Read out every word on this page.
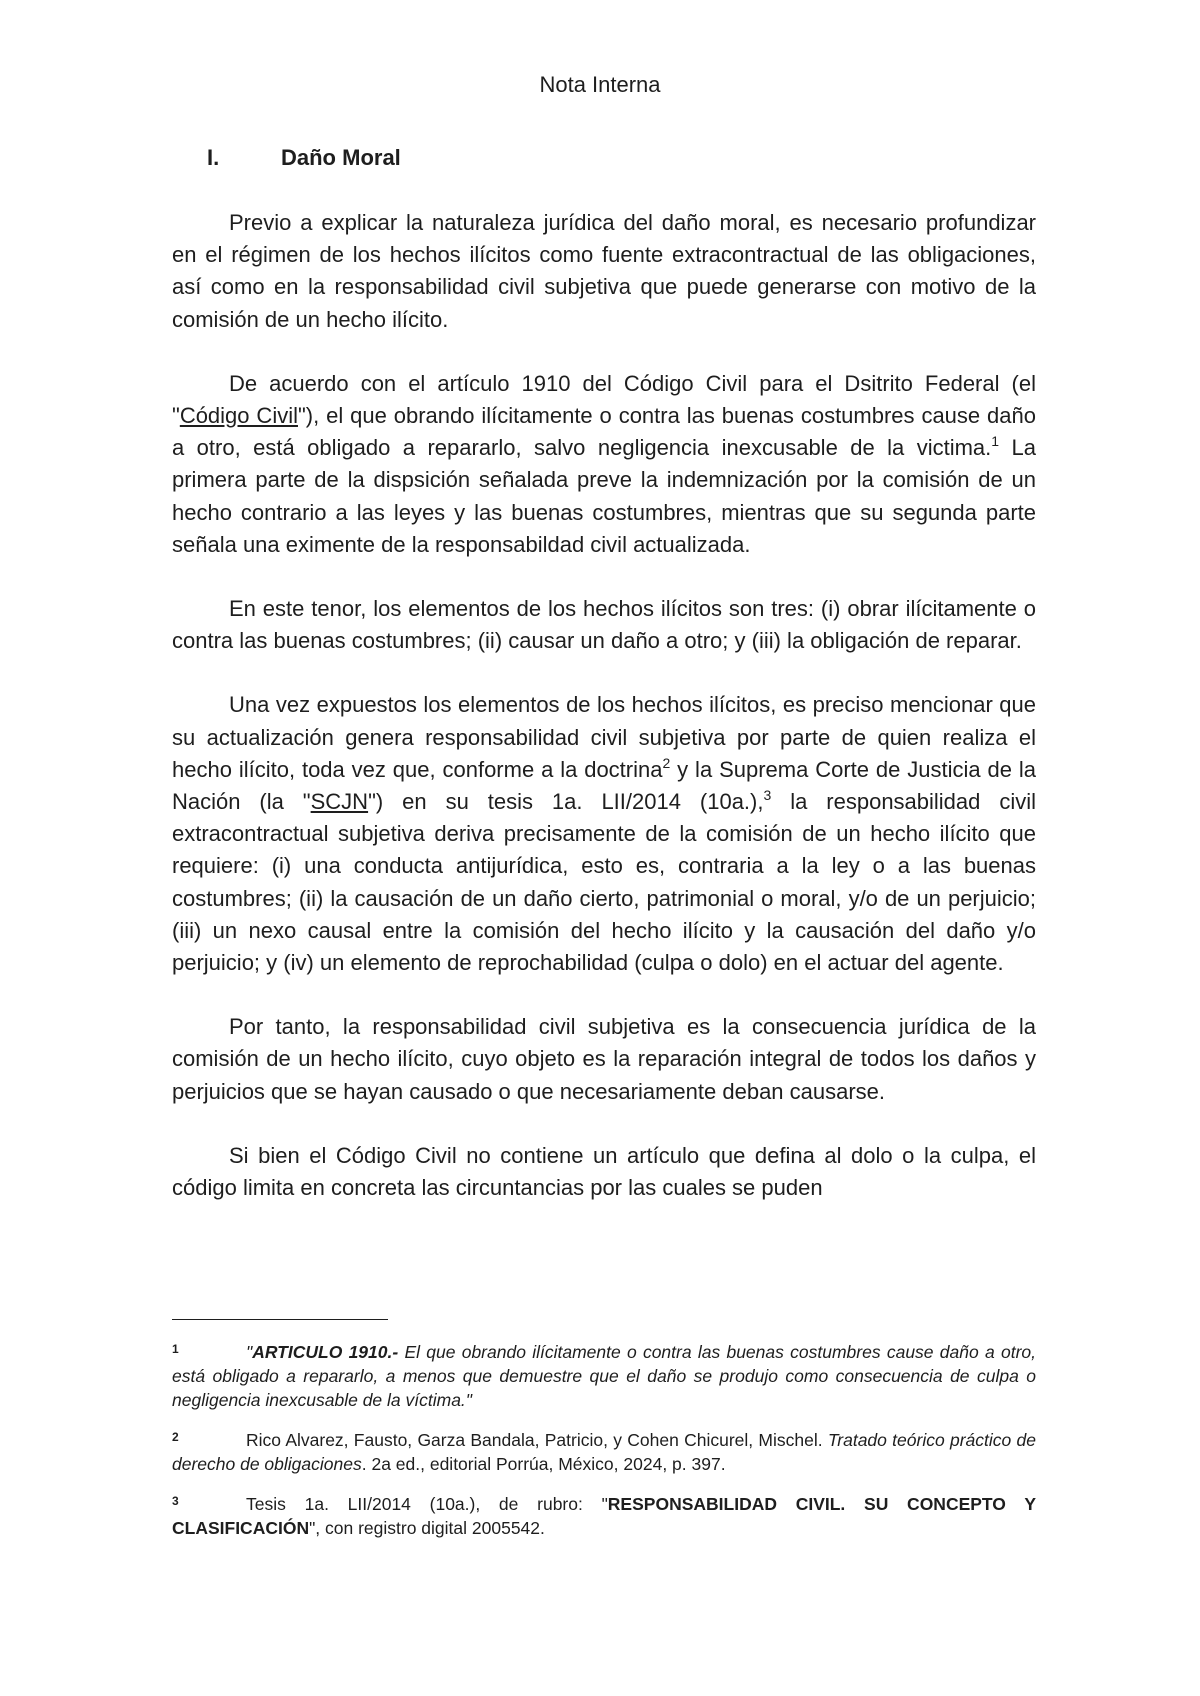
Nota Interna
I.	Daño Moral

Previo a explicar la naturaleza jurídica del daño moral, es necesario profundizar en el régimen de los hechos ilícitos como fuente extracontractual de las obligaciones, así como en la responsabilidad civil subjetiva que puede generarse con motivo de la comisión de un hecho ilícito.

De acuerdo con el artículo 1910 del Código Civil para el Dsitrito Federal (el "Código Civil"), el que obrando ilícitamente o contra las buenas costumbres cause daño a otro, está obligado a repararlo, salvo negligencia inexcusable de la victima.$^1$ La primera parte de la dispsición señalada preve la indemnización por la comisión de un hecho contrario a las leyes y las buenas costumbres, mientras que su segunda parte señala una eximente de la responsabildad civil actualizada.

En este tenor, los elementos de los hechos ilícitos son tres: (i) obrar ilícitamente o contra las buenas costumbres; (ii) causar un daño a otro; y (iii) la obligación de reparar.

Una vez expuestos los elementos de los hechos ilícitos, es preciso mencionar que su actualización genera responsabilidad civil subjetiva por parte de quien realiza el hecho ilícito, toda vez que, conforme a la doctrina$^2$ y la Suprema Corte de Justicia de la Nación (la "SCJN") en su tesis 1a. LII/2014 (10a.),$^3$ la responsabilidad civil extracontractual subjetiva deriva precisamente de la comisión de un hecho ilícito que requiere: (i) una conducta antijurídica, esto es, contraria a la ley o a las buenas costumbres; (ii) la causación de un daño cierto, patrimonial o moral, y/o de un perjuicio; (iii) un nexo causal entre la comisión del hecho ilícito y la causación del daño y/o perjuicio; y (iv) un elemento de reprochabilidad (culpa o dolo) en el actuar del agente.

Por tanto, la responsabilidad civil subjetiva es la consecuencia jurídica de la comisión de un hecho ilícito, cuyo objeto es la reparación integral de todos los daños y perjuicios que se hayan causado o que necesariamente deban causarse.

Si bien el Código Civil no contiene un artículo que defina al dolo o la culpa, el código limita en concreta las circuntancias por las cuales se puden

1	"ARTICULO 1910.- El que obrando ilícitamente o contra las buenas costumbres cause daño a otro, está obligado a repararlo, a menos que demuestre que el daño se produjo como consecuencia de culpa o negligencia inexcusable de la víctima."
2	Rico Alvarez, Fausto, Garza Bandala, Patricio, y Cohen Chicurel, Mischel. Tratado teórico práctico de derecho de obligaciones. 2a ed., editorial Porrúa, México, 2024, p. 397.
3	Tesis 1a. LII/2014 (10a.), de rubro: "RESPONSABILIDAD CIVIL. SU CONCEPTO Y CLASIFICACIÓN", con registro digital 2005542.
